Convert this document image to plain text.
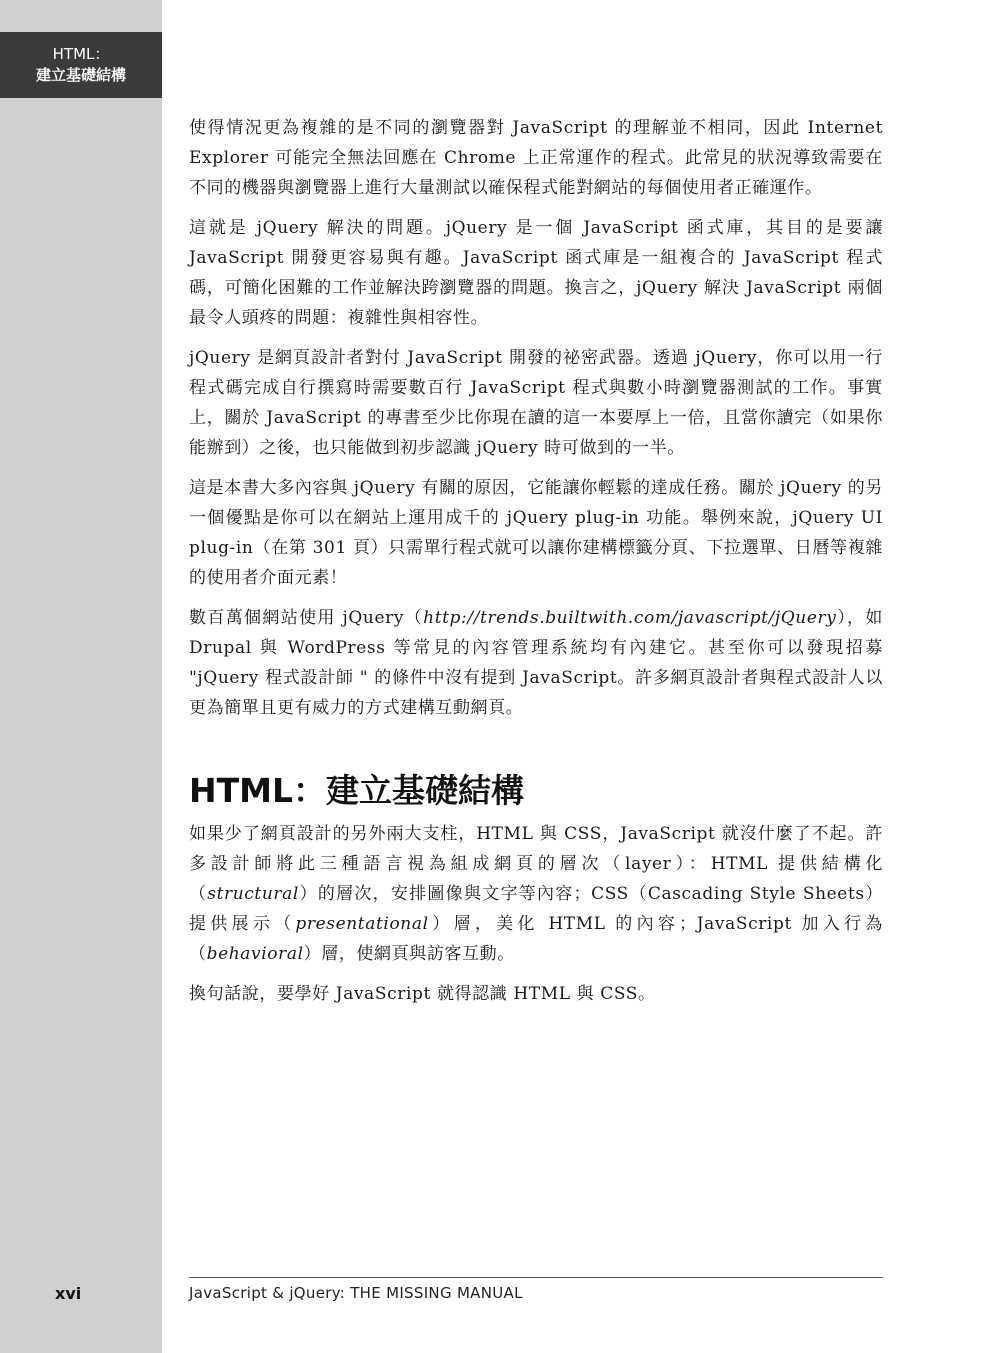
HTML：
建立基礎結構
xvi

使得情況更為複雜的是不同的瀏覽器對 JavaScript 的理解並不相同，因此 Internet Explorer 可能完全無法回應在 Chrome 上正常運作的程式。此常見的狀況導致需要在不同的機器與瀏覽器上進行大量測試以確保程式能對網站的每個使用者正確運作。

這就是 jQuery 解決的問題。jQuery 是一個 JavaScript 函式庫，其目的是要讓 JavaScript 開發更容易與有趣。JavaScript 函式庫是一組複合的 JavaScript 程式碼，可簡化困難的工作並解決跨瀏覽器的問題。換言之，jQuery 解決 JavaScript 兩個最令人頭疼的問題：複雜性與相容性。

jQuery 是網頁設計者對付 JavaScript 開發的祕密武器。透過 jQuery，你可以用一行程式碼完成自行撰寫時需要數百行 JavaScript 程式與數小時瀏覽器測試的工作。事實上，關於 JavaScript 的專書至少比你現在讀的這一本要厚上一倍，且當你讀完（如果你能辦到）之後，也只能做到初步認識 jQuery 時可做到的一半。

這是本書大多內容與 jQuery 有關的原因，它能讓你輕鬆的達成任務。關於 jQuery 的另一個優點是你可以在網站上運用成千的 jQuery plug-in 功能。舉例來說，jQuery UI plug-in（在第 301 頁）只需單行程式就可以讓你建構標籤分頁、下拉選單、日曆等複雜的使用者介面元素！

數百萬個網站使用 jQuery（http://trends.builtwith.com/javascript/jQuery），如 Drupal 與 WordPress 等常見的內容管理系統均有內建它。甚至你可以發現招募 "jQuery 程式設計師 " 的條件中沒有提到 JavaScript。許多網頁設計者與程式設計人以更為簡單且更有威力的方式建構互動網頁。

HTML：建立基礎結構

如果少了網頁設計的另外兩大支柱，HTML 與 CSS，JavaScript 就沒什麼了不起。許多設計師將此三種語言視為組成網頁的層次（layer）：HTML 提供結構化（structural）的層次，安排圖像與文字等內容；CSS（Cascading Style Sheets）提供展示（presentational）層，美化 HTML 的內容；JavaScript 加入行為（behavioral）層，使網頁與訪客互動。

換句話說，要學好 JavaScript 就得認識 HTML 與 CSS。

JavaScript & jQuery: THE MISSING MANUAL
